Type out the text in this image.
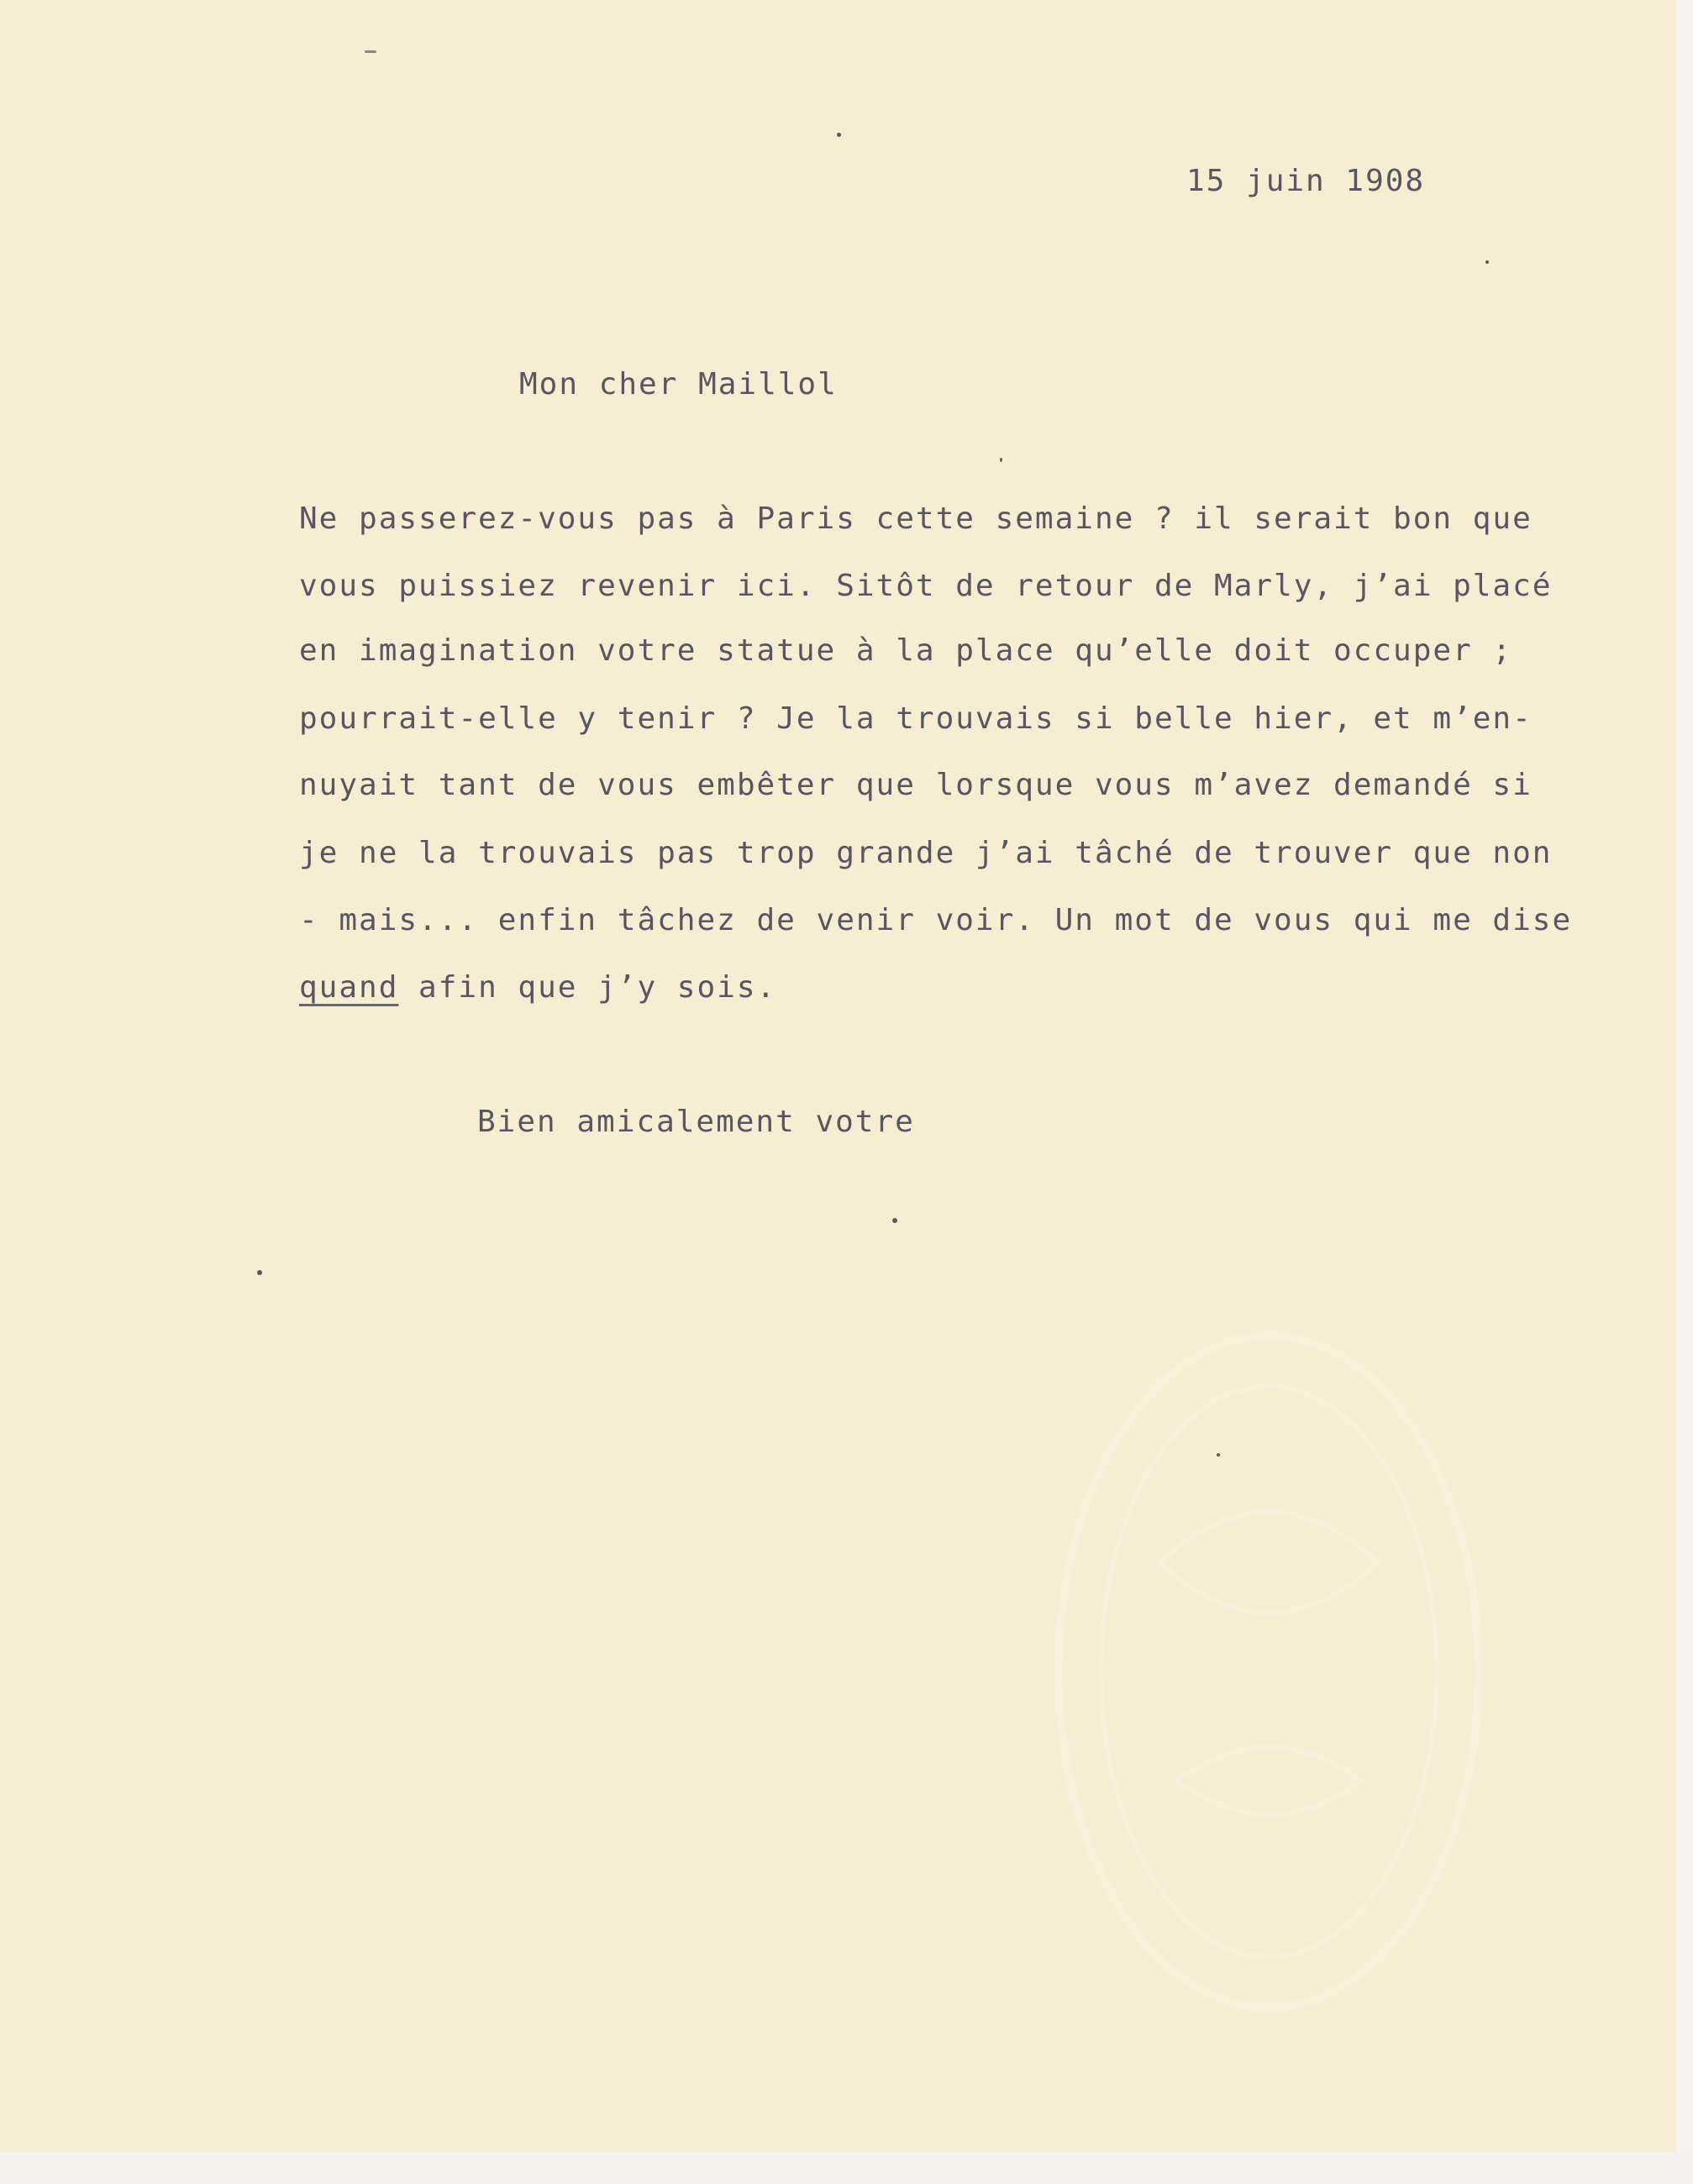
15 juin 1908
Mon cher Maillol
Ne passerez-vous pas à Paris cette semaine ? il serait bon que
vous puissiez revenir ici. Sitôt de retour de Marly, j’ai placé
en imagination votre statue à la place qu’elle doit occuper ;
pourrait-elle y tenir ? Je la trouvais si belle hier, et m’en-
nuyait tant de vous embêter que lorsque vous m’avez demandé si
je ne la trouvais pas trop grande j’ai tâché de trouver que non
- mais... enfin tâchez de venir voir. Un mot de vous qui me dise
quand afin que j’y sois.
Bien amicalement votre
